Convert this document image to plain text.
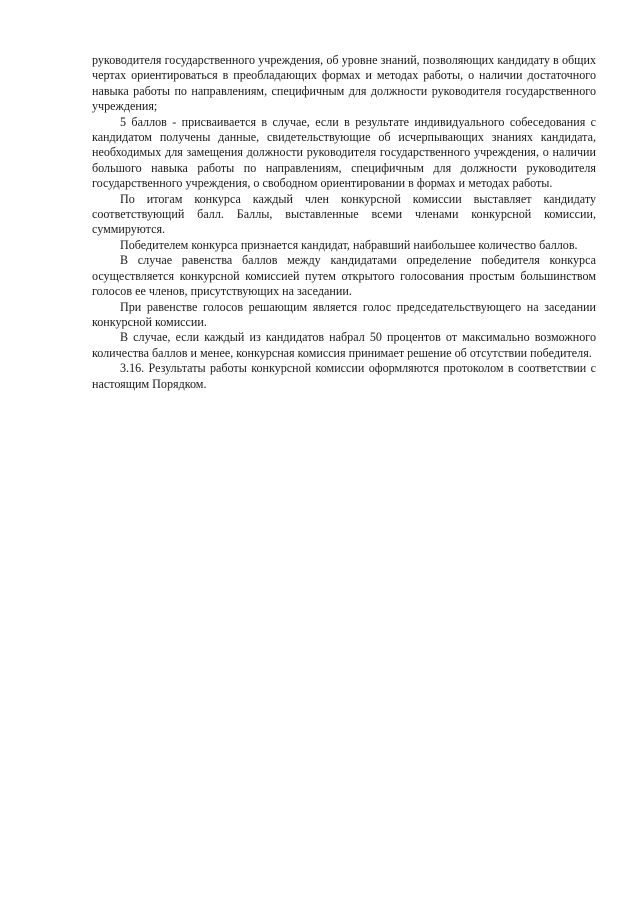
руководителя государственного учреждения, об уровне знаний, позволяющих кандидату в общих чертах ориентироваться в преобладающих формах и методах работы, о наличии достаточного навыка работы по направлениям, специфичным для должности руководителя государственного учреждения;

5 баллов - присваивается в случае, если в результате индивидуального собеседования с кандидатом получены данные, свидетельствующие об исчерпывающих знаниях кандидата, необходимых для замещения должности руководителя государственного учреждения, о наличии большого навыка работы по направлениям, специфичным для должности руководителя государственного учреждения, о свободном ориентировании в формах и методах работы.

По итогам конкурса каждый член конкурсной комиссии выставляет кандидату соответствующий балл. Баллы, выставленные всеми членами конкурсной комиссии, суммируются.

Победителем конкурса признается кандидат, набравший наибольшее количество баллов.

В случае равенства баллов между кандидатами определение победителя конкурса осуществляется конкурсной комиссией путем открытого голосования простым большинством голосов ее членов, присутствующих на заседании.

При равенстве голосов решающим является голос председательствующего на заседании конкурсной комиссии.

В случае, если каждый из кандидатов набрал 50 процентов от максимально возможного количества баллов и менее, конкурсная комиссия принимает решение об отсутствии победителя.

3.16. Результаты работы конкурсной комиссии оформляются протоколом в соответствии с настоящим Порядком.
